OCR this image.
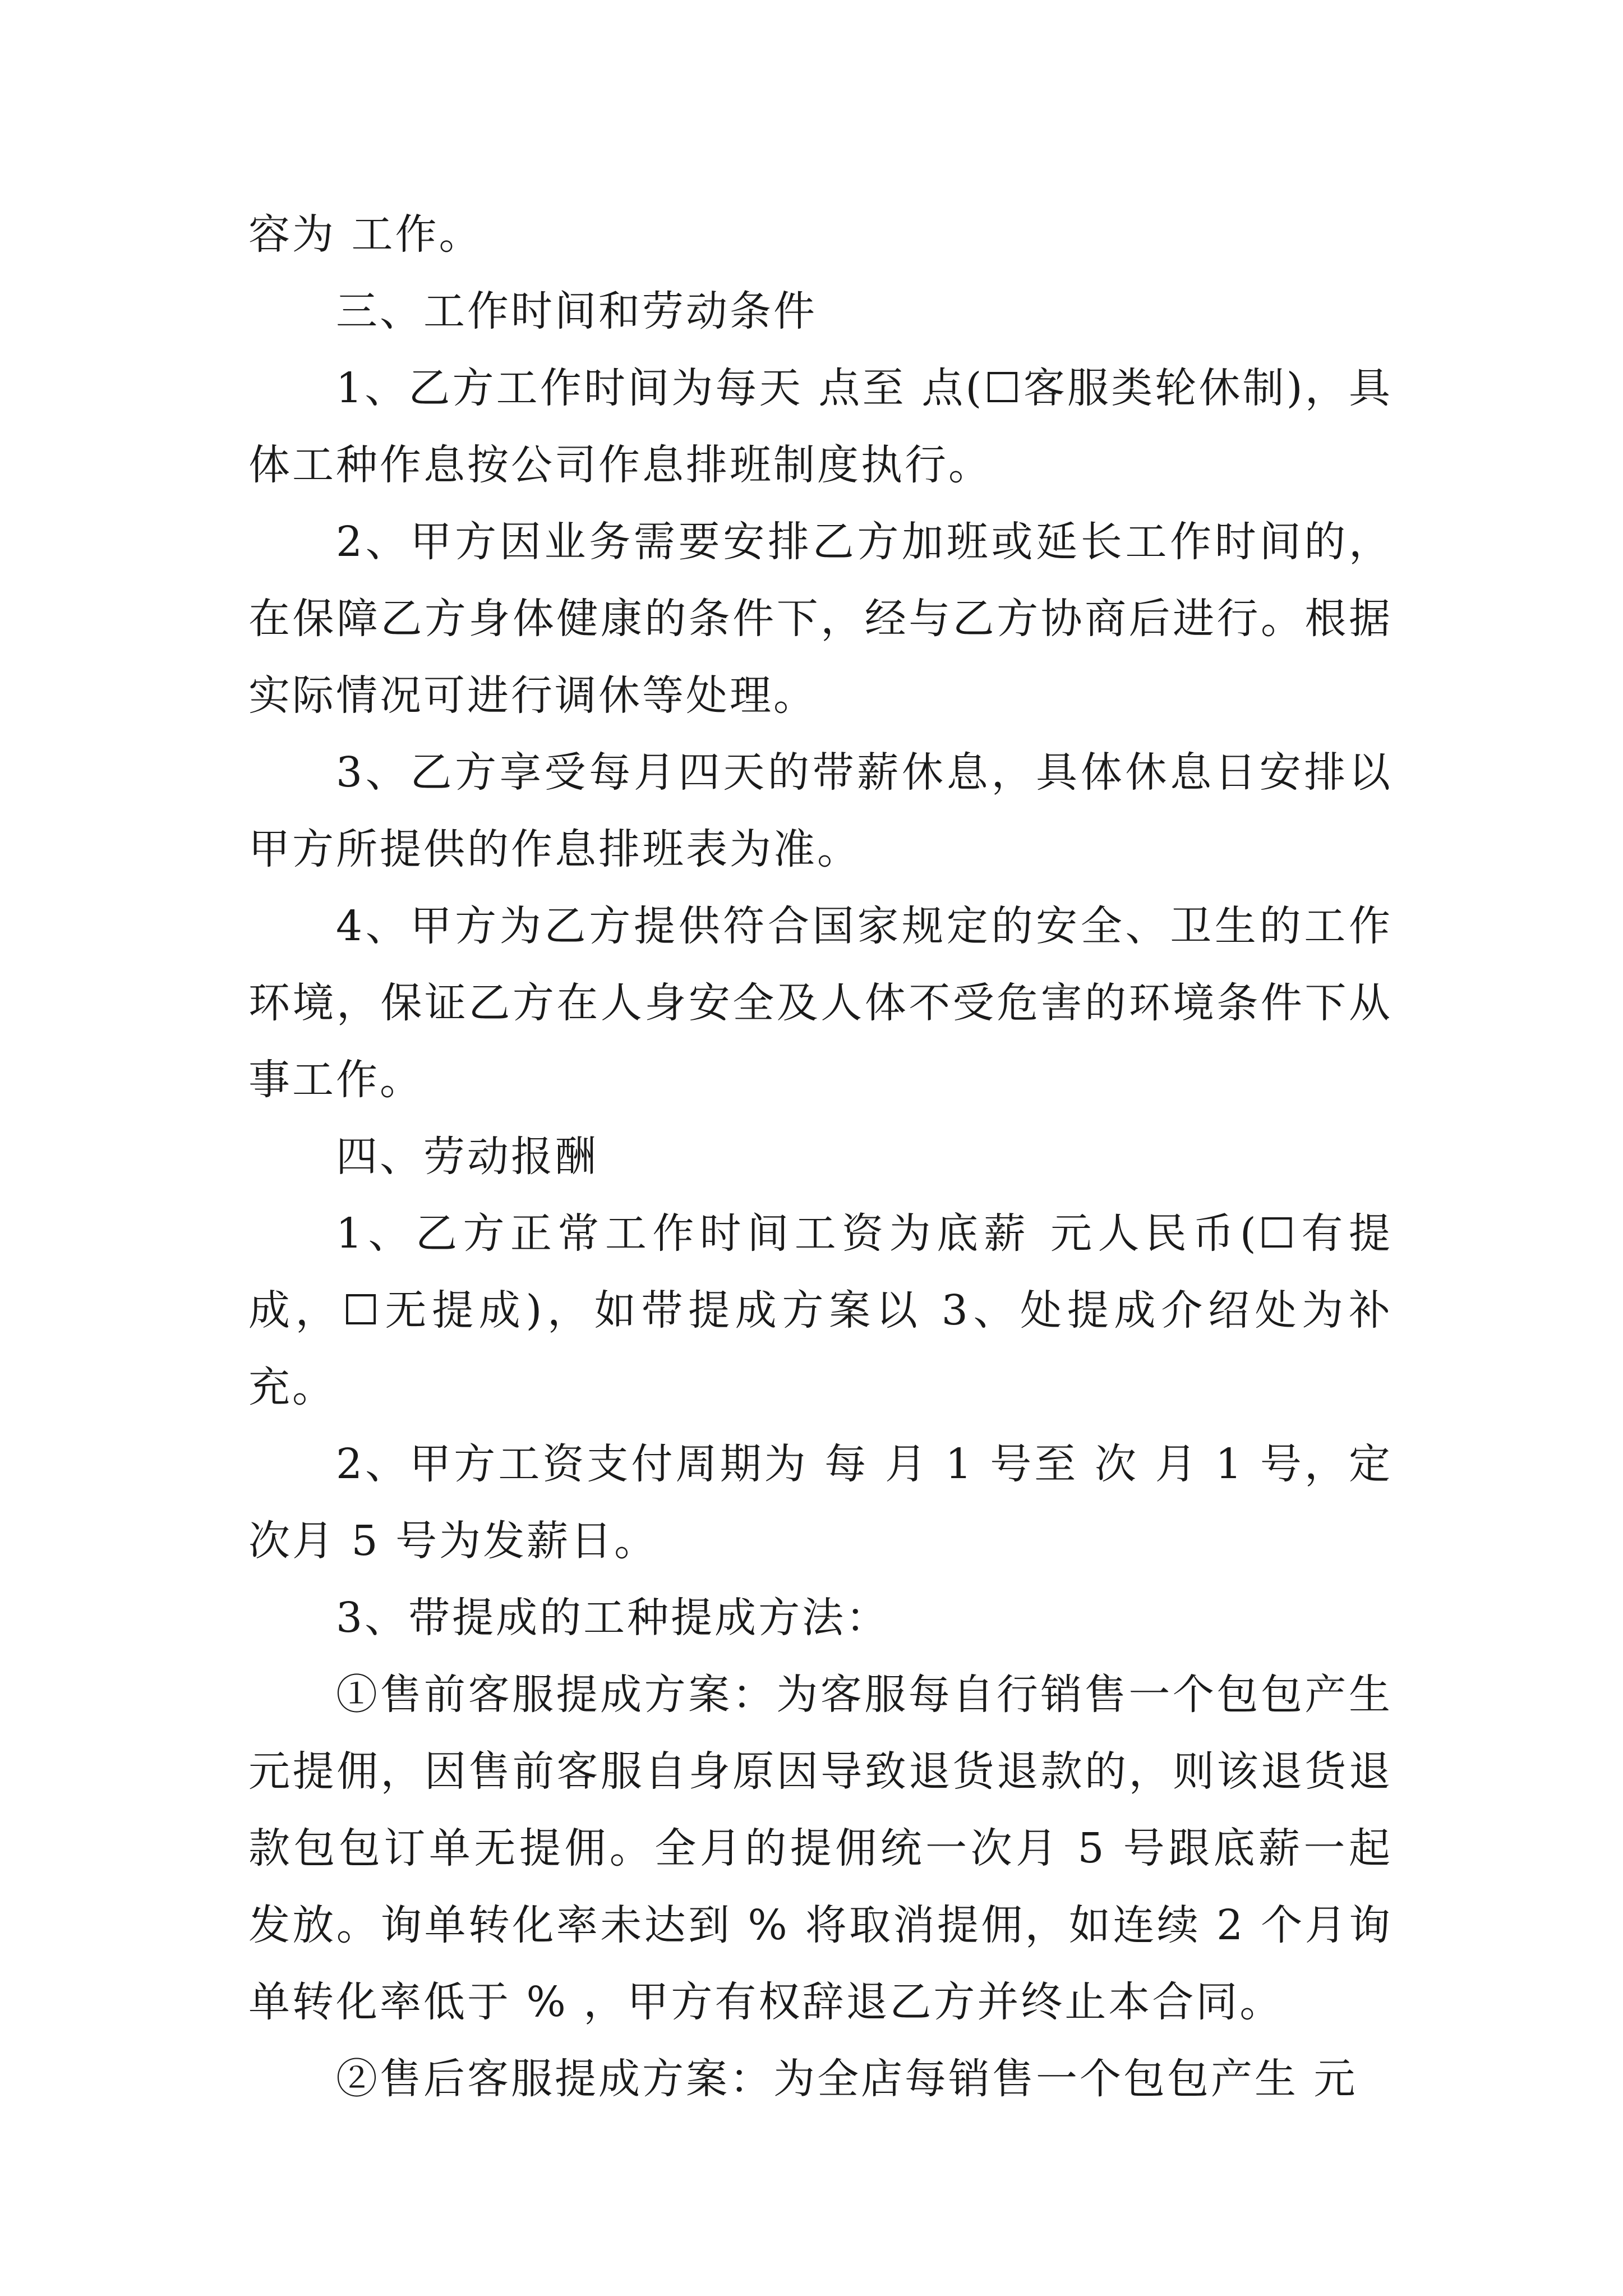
容为 工作。

三、工作时间和劳动条件

1、乙方工作时间为每天 点至 点(☐客服类轮休制)，具体工种作息按公司作息排班制度执行。

2、甲方因业务需要安排乙方加班或延长工作时间的，在保障乙方身体健康的条件下，经与乙方协商后进行。根据实际情况可进行调休等处理。

3、乙方享受每月四天的带薪休息，具体休息日安排以甲方所提供的作息排班表为准。

4、甲方为乙方提供符合国家规定的安全、卫生的工作环境，保证乙方在人身安全及人体不受危害的环境条件下从事工作。

四、劳动报酬

1、乙方正常工作时间工资为底薪 元人民币(☐有提成，☐无提成)，如带提成方案以 3、处提成介绍处为补充。

2、甲方工资支付周期为 每 月 1 号至 次 月 1 号，定次月 5 号为发薪日。

3、带提成的工种提成方法：

①售前客服提成方案：为客服每自行销售一个包包产生 元提佣，因售前客服自身原因导致退货退款的，则该退货退款包包订单无提佣。全月的提佣统一次月 5 号跟底薪一起发放。询单转化率未达到 % 将取消提佣，如连续 2 个月询单转化率低于 % ，甲方有权辞退乙方并终止本合同。

②售后客服提成方案：为全店每销售一个包包产生 元
